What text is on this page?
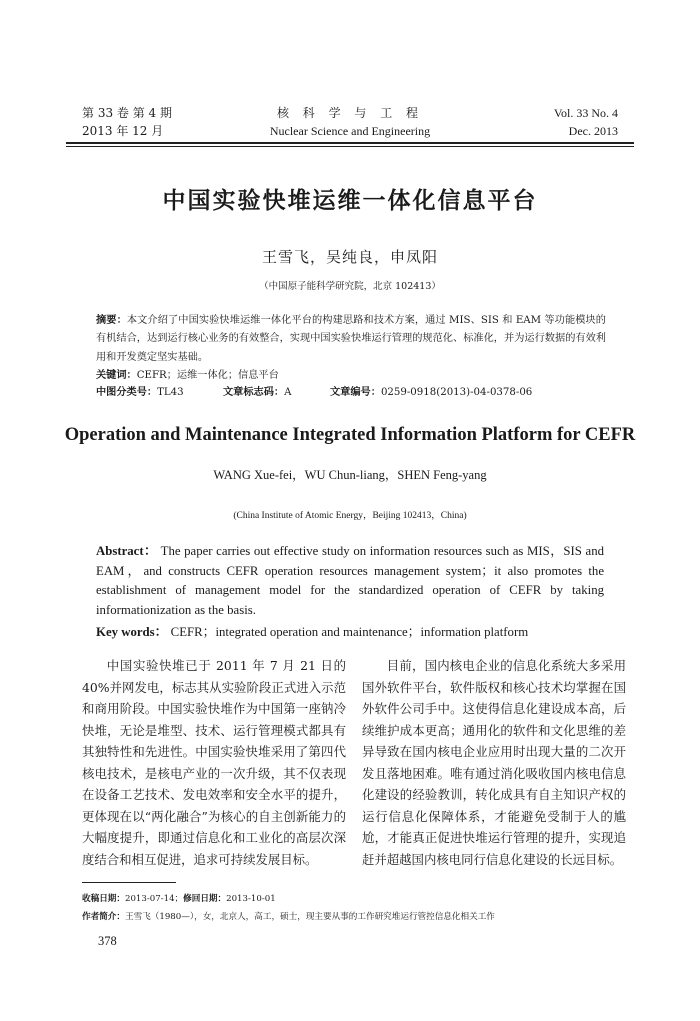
第 33 卷 第 4 期
2013 年 12 月
核 科 学 与 工 程
Nuclear Science and Engineering
Vol. 33 No. 4
Dec. 2013
中国实验快堆运维一体化信息平台
王雪飞，吴纯良，申凤阳
（中国原子能科学研究院，北京 102413）
摘要：本文介绍了中国实验快堆运维一体化平台的构建思路和技术方案，通过 MIS、SIS 和 EAM 等功能模块的有机结合，达到运行核心业务的有效整合，实现中国实验快堆运行管理的规范化、标准化，并为运行数据的有效利用和开发奠定坚实基础。
关键词：CEFR；运维一体化；信息平台
中图分类号：TL43	文章标志码：A	文章编号：0259-0918(2013)-04-0378-06
Operation and Maintenance Integrated Information Platform for CEFR
WANG Xue-fei，WU Chun-liang，SHEN Feng-yang
(China Institute of Atomic Energy，Beijing 102413，China)
Abstract： The paper carries out effective study on information resources such as MIS，SIS and EAM，and constructs CEFR operation resources management system；it also promotes the establishment of management model for the standardized operation of CEFR by taking informationization as the basis.
Key words： CEFR；integrated operation and maintenance；information platform

中国实验快堆已于 2011 年 7 月 21 日的 40%并网发电，标志其从实验阶段正式进入示范和商用阶段。中国实验快堆作为中国第一座钠冷快堆，无论是堆型、技术、运行管理模式都具有其独特性和先进性。中国实验快堆采用了第四代核电技术，是核电产业的一次升级，其不仅表现在设备工艺技术、发电效率和安全水平的提升，更体现在以“两化融合”为核心的自主创新能力的大幅度提升，即通过信息化和工业化的高层次深度结合和相互促进，追求可持续发展目标。

目前，国内核电企业的信息化系统大多采用国外软件平台，软件版权和核心技术均掌握在国外软件公司手中。这使得信息化建设成本高，后续维护成本更高；通用化的软件和文化思维的差异导致在国内核电企业应用时出现大量的二次开发且落地困难。唯有通过消化吸收国内核电信息化建设的经验教训，转化成具有自主知识产权的运行信息化保障体系，才能避免受制于人的尴尬，才能真正促进快堆运行管理的提升，实现追赶并超越国内核电同行信息化建设的长远目标。

收稿日期：2013-07-14；修回日期：2013-10-01
作者简介：王雪飞（1980—），女，北京人，高工，硕士，现主要从事的工作研究堆运行管控信息化相关工作
378
